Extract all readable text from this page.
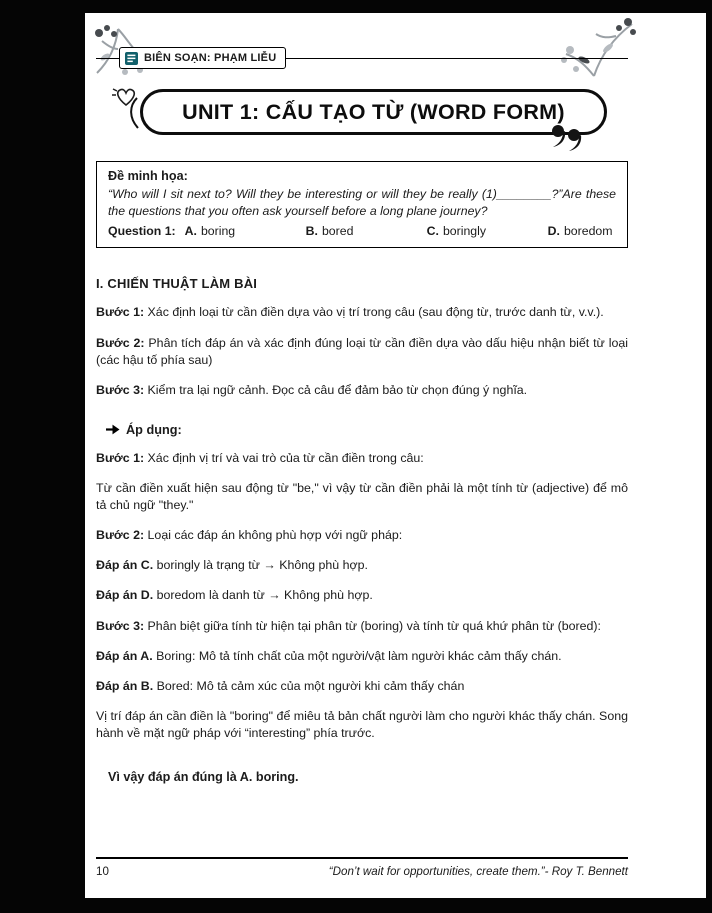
BIÊN SOẠN: PHẠM LIỄU
UNIT 1: CẤU TẠO TỪ (WORD FORM)
Đề minh họa:
“Who will I sit next to? Will they be interesting or will they be really (1)________?”Are these the questions that you often ask yourself before a long plane journey?
Question 1: A. boring	B. bored	C. boringly	D. boredom
I. CHIẾN THUẬT LÀM BÀI

Bước 1: Xác định loại từ cần điền dựa vào vị trí trong câu (sau động từ, trước danh từ, v.v.).

Bước 2: Phân tích đáp án và xác định đúng loại từ cần điền dựa vào dấu hiệu nhận biết từ loại (các hậu tố phía sau)

Bước 3: Kiểm tra lại ngữ cảnh. Đọc cả câu để đảm bảo từ chọn đúng ý nghĩa.

Áp dụng:

Bước 1: Xác định vị trí và vai trò của từ cần điền trong câu:

Từ cần điền xuất hiện sau động từ "be," vì vậy từ cần điền phải là một tính từ (adjective) để mô tả chủ ngữ "they."

Bước 2: Loại các đáp án không phù hợp với ngữ pháp:

Đáp án C. boringly là trạng từ → Không phù hợp.

Đáp án D. boredom là danh từ → Không phù hợp.

Bước 3: Phân biệt giữa tính từ hiện tại phân từ (boring) và tính từ quá khứ phân từ (bored):

Đáp án A. Boring: Mô tả tính chất của một người/vật làm người khác cảm thấy chán.

Đáp án B. Bored: Mô tả cảm xúc của một người khi cảm thấy chán

Vị trí đáp án cần điền là "boring" để miêu tả bản chất người làm cho người khác thấy chán. Song hành về mặt ngữ pháp với “interesting” phía trước.

Vì vậy đáp án đúng là A. boring.
10	“Don’t wait for opportunities, create them.”- Roy T. Bennett
